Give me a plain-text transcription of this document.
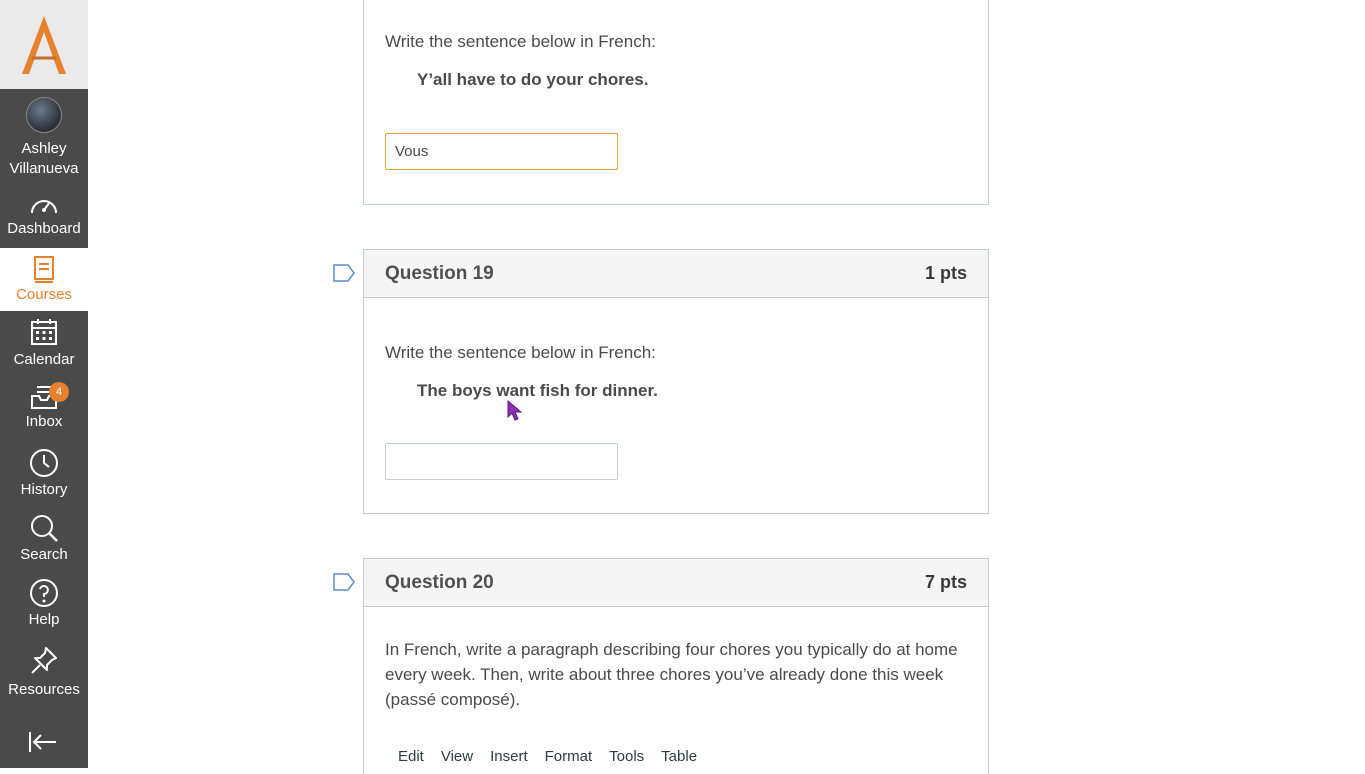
Ashley
Villanueva
Dashboard
Courses
Calendar
4
Inbox
History
Search
Help
Resources
Write the sentence below in French:
Y’all have to do your chores.
Vous
Question 19	1 pts
Write the sentence below in French:
The boys want fish for dinner.
Question 20	7 pts
In French, write a paragraph describing four chores you typically do at home every week. Then, write about three chores you’ve already done this week (passé composé).
Edit View Insert Format Tools Table
